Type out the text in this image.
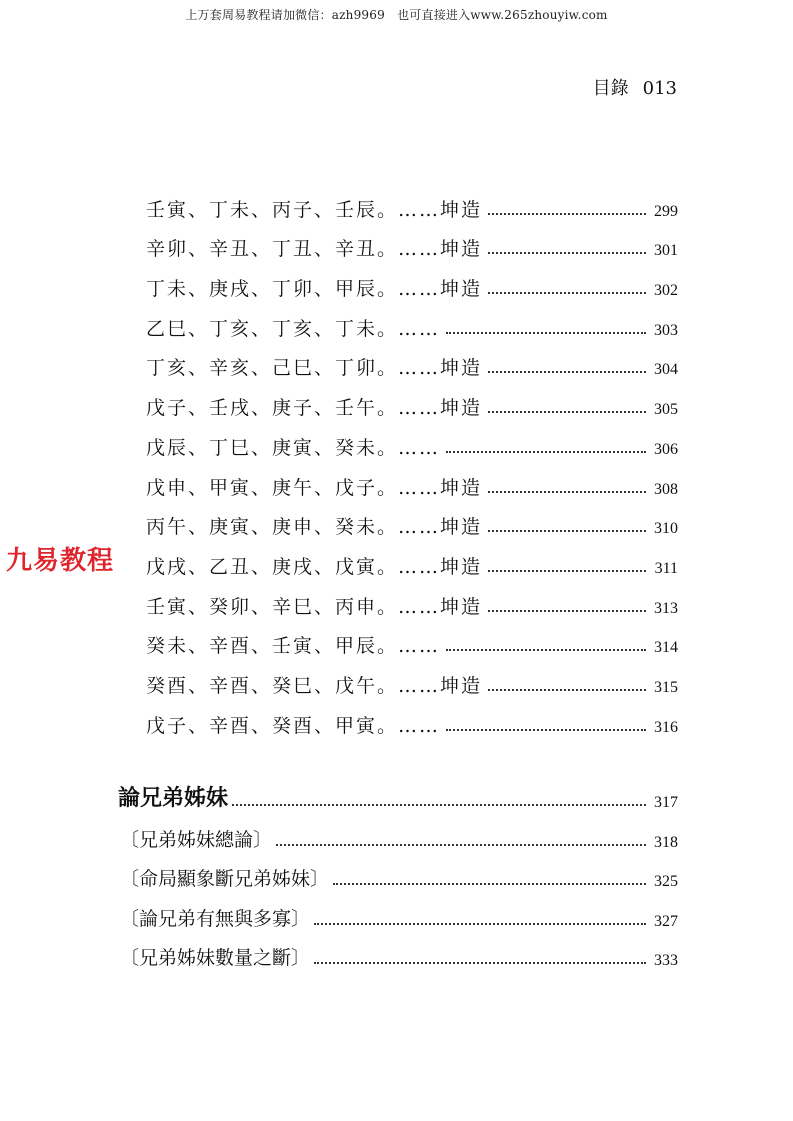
上万套周易教程请加微信：azh9969　也可直接进入www.265zhouyiw.com
目錄 013
壬寅、丁未、丙子、壬辰。……坤造	299
辛卯、辛丑、丁丑、辛丑。……坤造	301
丁未、庚戌、丁卯、甲辰。……坤造	302
乙巳、丁亥、丁亥、丁未。……	303
丁亥、辛亥、己巳、丁卯。……坤造	304
戊子、壬戌、庚子、壬午。……坤造	305
戊辰、丁巳、庚寅、癸未。……	306
戊申、甲寅、庚午、戊子。……坤造	308
丙午、庚寅、庚申、癸未。……坤造	310
戊戌、乙丑、庚戌、戊寅。……坤造	311
壬寅、癸卯、辛巳、丙申。……坤造	313
癸未、辛酉、壬寅、甲辰。……	314
癸酉、辛酉、癸巳、戊午。……坤造	315
戊子、辛酉、癸酉、甲寅。……	316
九易教程
論兄弟姊妹	317
〔兄弟姊妹總論〕	318
〔命局顯象斷兄弟姊妹〕	325
〔論兄弟有無與多寡〕	327
〔兄弟姊妹數量之斷〕	333
